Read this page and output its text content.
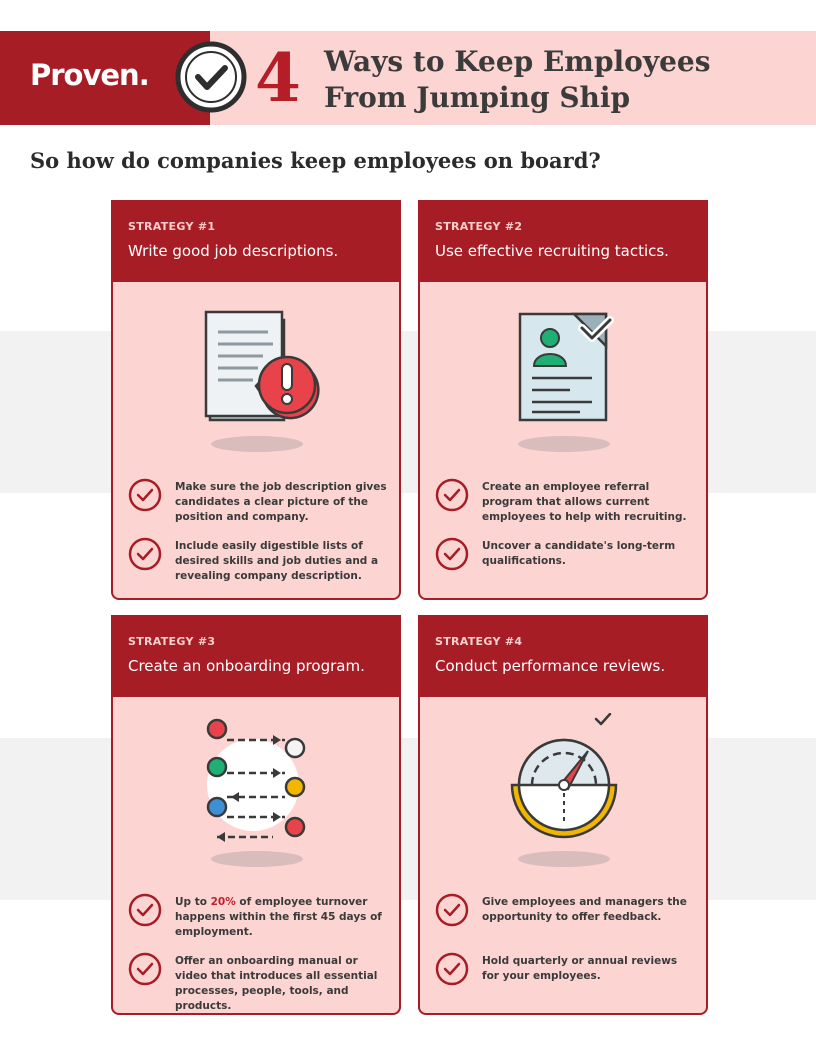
Proven. 4 Ways to Keep Employees
From Jumping Ship
So how do companies keep employees on board?
STRATEGY #1
Write good job descriptions.
Make sure the job description gives candidates a clear picture of the position and company.
Include easily digestible lists of desired skills and job duties and a revealing company description.
STRATEGY #2
Use effective recruiting tactics.
Create an employee referral program that allows current employees to help with recruiting.
Uncover a candidate's long-term qualifications.
STRATEGY #3
Create an onboarding program.
Up to 20% of employee turnover happens within the first 45 days of employment.
Offer an onboarding manual or video that introduces all essential processes, people, tools, and products.
STRATEGY #4
Conduct performance reviews.
Give employees and managers the opportunity to offer feedback.
Hold quarterly or annual reviews for your employees.
